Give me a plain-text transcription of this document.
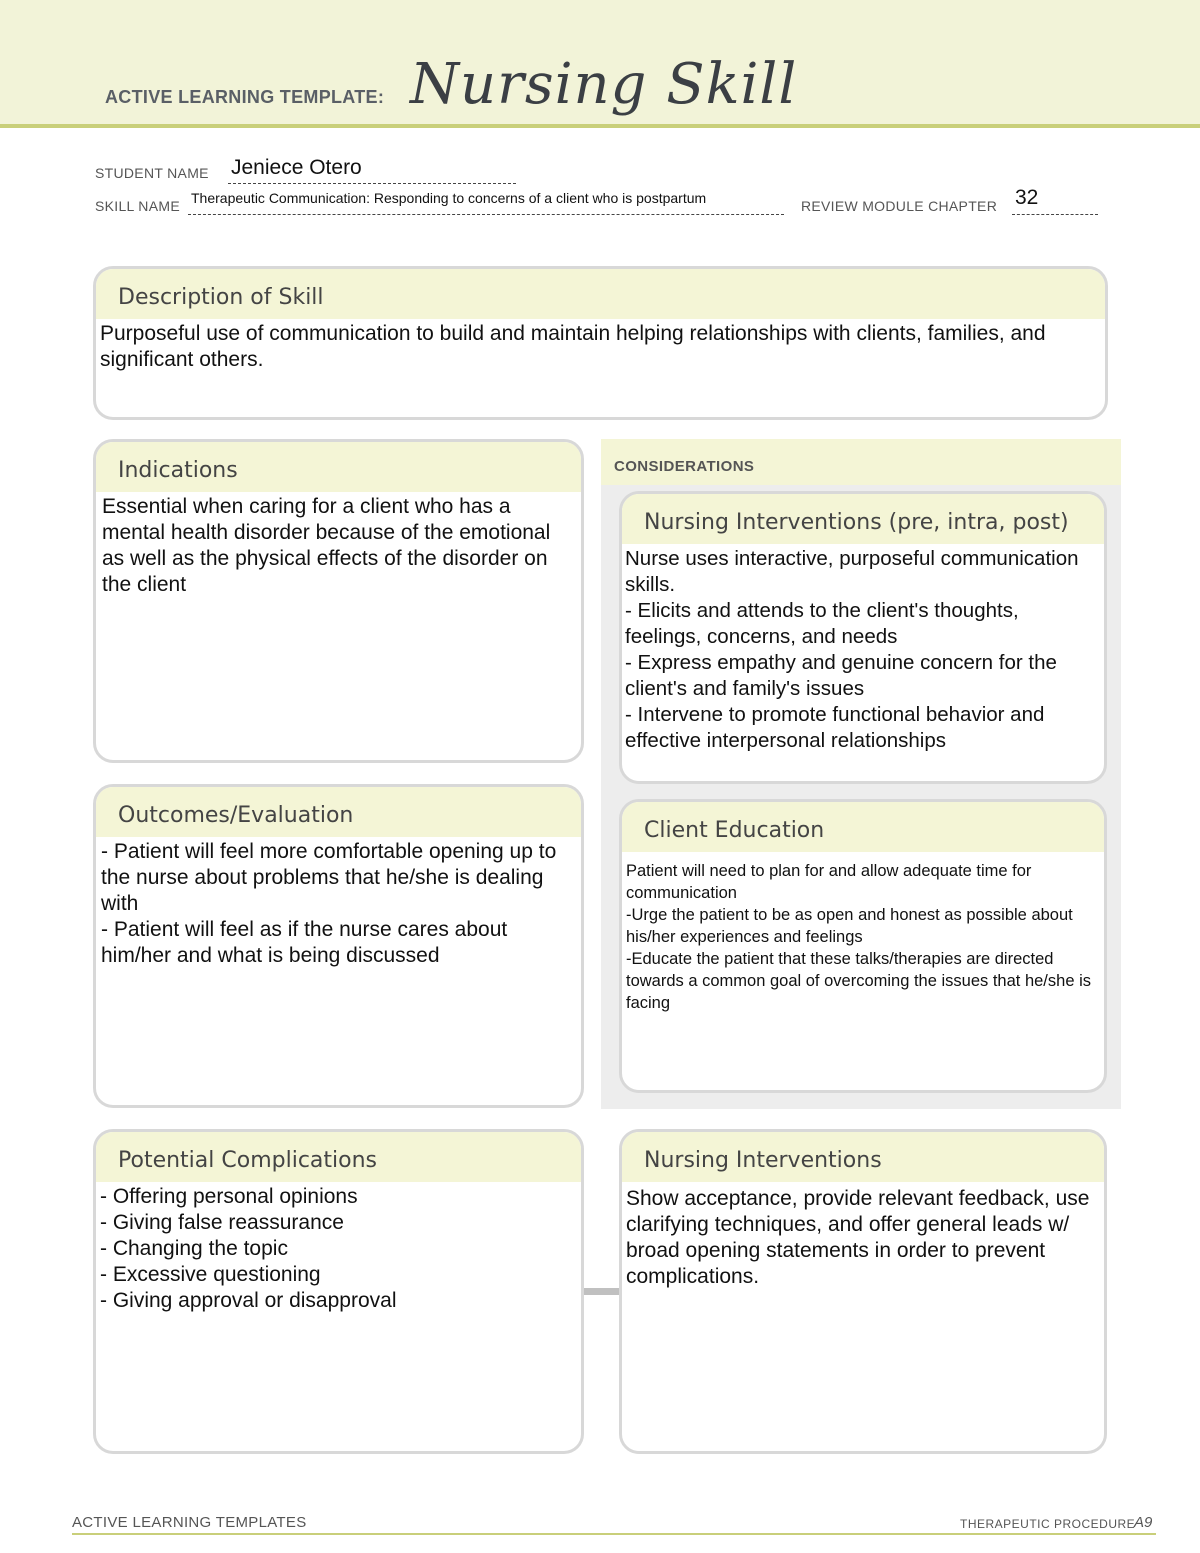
ACTIVE LEARNING TEMPLATE: Nursing Skill
STUDENT NAME Jeniece Otero
SKILL NAME Therapeutic Communication: Responding to concerns of a client who is postpartum	REVIEW MODULE CHAPTER 32
Description of Skill

Purposeful use of communication to build and maintain helping relationships with clients, families, and significant others.

CONSIDERATIONS
Indications

Essential when caring for a client who has a mental health disorder because of the emotional as well as the physical effects of the disorder on the client

Nursing Interventions (pre, intra, post)

Nurse uses interactive, purposeful communication skills.

- Elicits and attends to the client's thoughts, feelings, concerns, and needs

- Express empathy and genuine concern for the client's and family's issues

- Intervene to promote functional behavior and effective interpersonal relationships

Outcomes/Evaluation

- Patient will feel more comfortable opening up to the nurse about problems that he/she is dealing with

- Patient will feel as if the nurse cares about him/her and what is being discussed

Client Education

Patient will need to plan for and allow adequate time for communication

-Urge the patient to be as open and honest as possible about his/her experiences and feelings

-Educate the patient that these talks/therapies are directed towards a common goal of overcoming the issues that he/she is facing

Potential Complications

- Offering personal opinions

- Giving false reassurance

- Changing the topic

- Excessive questioning

- Giving approval or disapproval

Nursing Interventions

Show acceptance, provide relevant feedback, use clarifying techniques, and offer general leads w/ broad opening statements in order to prevent complications.

ACTIVE LEARNING TEMPLATES	THERAPEUTIC PROCEDURE
A9
